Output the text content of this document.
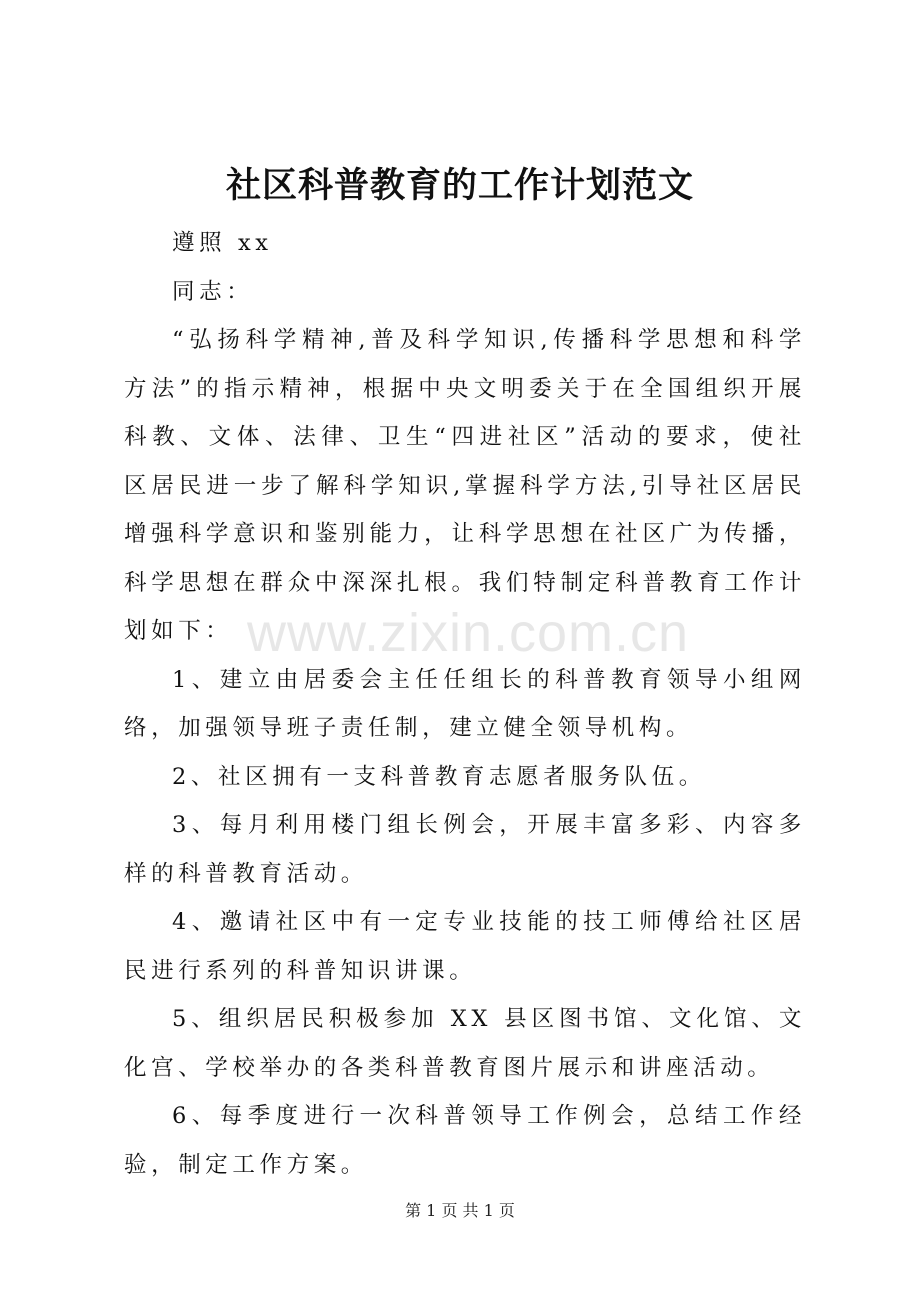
社区科普教育的工作计划范文

遵照 xx

同志：

“弘扬科学精神,普及科学知识,传播科学思想和科学方法”的指示精神，根据中央文明委关于在全国组织开展科教、文体、法律、卫生“四进社区”活动的要求，使社区居民进一步了解科学知识,掌握科学方法,引导社区居民增强科学意识和鉴别能力，让科学思想在社区广为传播，科学思想在群众中深深扎根。我们特制定科普教育工作计划如下：

1、建立由居委会主任任组长的科普教育领导小组网络，加强领导班子责任制，建立健全领导机构。

2、社区拥有一支科普教育志愿者服务队伍。

3、每月利用楼门组长例会，开展丰富多彩、内容多样的科普教育活动。

4、邀请社区中有一定专业技能的技工师傅给社区居民进行系列的科普知识讲课。

5、组织居民积极参加 XX 县区图书馆、文化馆、文化宫、学校举办的各类科普教育图片展示和讲座活动。

6、每季度进行一次科普领导工作例会，总结工作经验，制定工作方案。

www.zixin.com.cn
第 1 页 共 1 页
